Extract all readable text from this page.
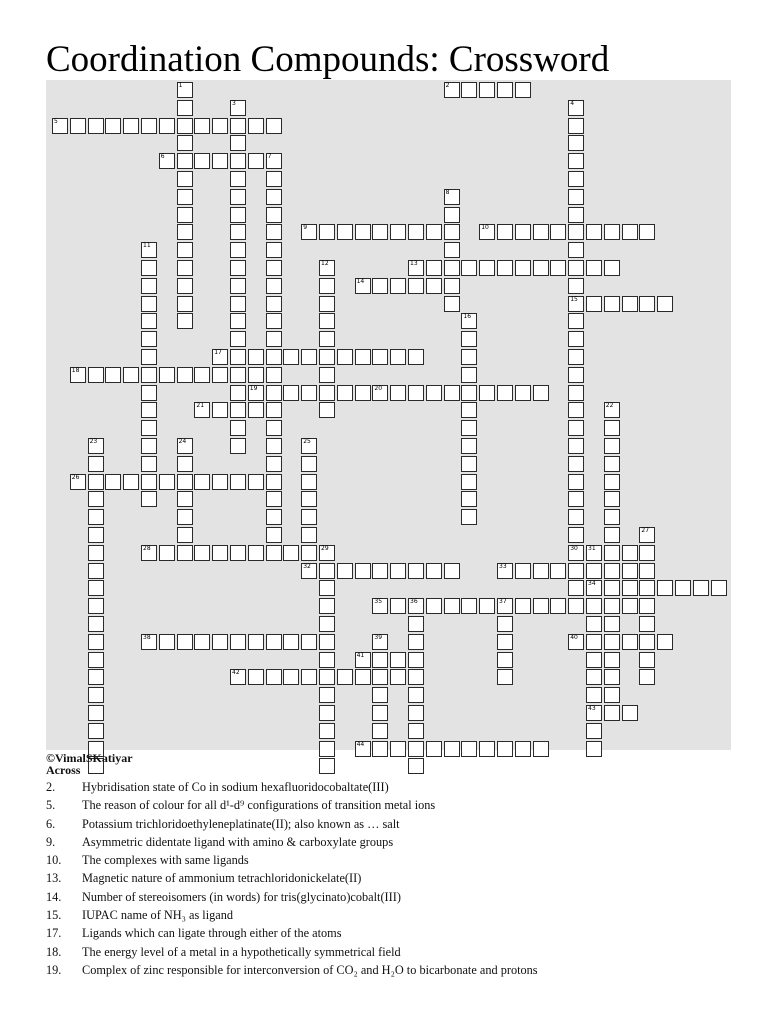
Coordination Compounds: Crossword
2
5
6	7
9	10
13
14
15
17
18
19	20
21
26
28	29	30 31
32	33
34
35	36	37
38	40
41
42
43
44
1
3	4
8
11
12
16
22
23	24	25
27
39

©VimalSKatiyar

Across

2. Hybridisation state of Co in sodium hexafluoridocobaltate(III)
5. The reason of colour for all d¹-d⁹ configurations of transition metal ions
6. Potassium trichloridoethyleneplatinate(II); also known as … salt
9. Asymmetric didentate ligand with amino & carboxylate groups
10. The complexes with same ligands
13. Magnetic nature of ammonium tetrachloridonickelate(II)
14. Number of stereoisomers (in words) for tris(glycinato)cobalt(III)
15. IUPAC name of NH₃ as ligand
17. Ligands which can ligate through either of the atoms
18. The energy level of a metal in a hypothetically symmetrical field
19. Complex of zinc responsible for interconversion of CO₂ and H₂O to bicarbonate and protons
